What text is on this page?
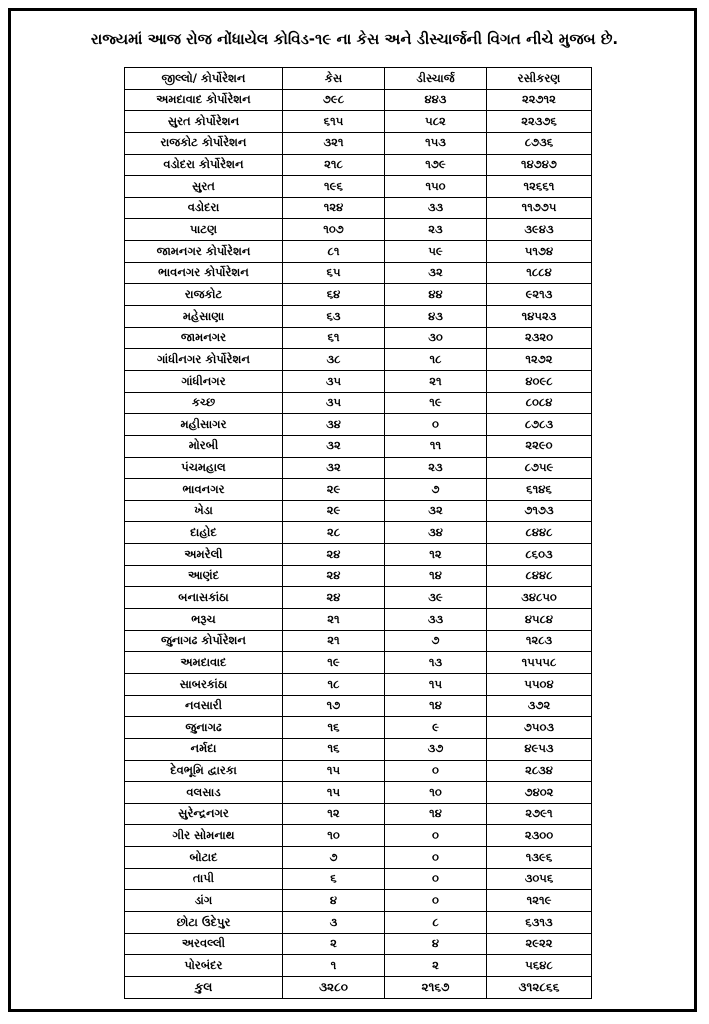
રાજ્યમાં આજ રોજ નોંધાયેલ કોવિડ-૧૯ ના કેસ અને ડીસ્ચાર્જની વિગત નીચે મુજબ છે.
જીલ્લો/ કોર્પોરેશન	કેસ	ડીસ્ચાર્જ	રસીકરણ
અમદાવાદ કોર્પોરેશન	૭૯૮	૪૪૩	૨૨૭૧૨
સુરત કોર્પોરેશન	૬૧૫	૫૮૨	૨૨૩૭૬
રાજકોટ કોર્પોરેશન	૩૨૧	૧૫૩	૮૭૩૬
વડોદરા કોર્પોરેશન	૨૧૮	૧૭૯	૧૪૭૪૭
સુરત	૧૯૬	૧૫૦	૧૨૬૬૧
વડોદરા	૧૨૪	૩૩	૧૧૭૭૫
પાટણ	૧૦૭	૨૩	૩૯૪૩
જામનગર કોર્પોરેશન	૮૧	૫૯	૫૧૭૪
ભાવનગર કોર્પોરેશન	૬૫	૩૨	૧૮૮૪
રાજકોટ	૬૪	૪૪	૯૨૧૩
મહેસાણા	૬૩	૪૩	૧૪૫૨૩
જામનગર	૬૧	૩૦	૨૩૨૦
ગાંધીનગર કોર્પોરેશન	૩૮	૧૮	૧૨૭૨
ગાંધીનગર	૩૫	૨૧	૪૦૯૮
કચ્છ	૩૫	૧૯	૮૦૮૪
મહીસાગર	૩૪	૦	૮૭૮૩
મોરબી	૩૨	૧૧	૨૨૯૦
પંચમહાલ	૩૨	૨૩	૮૭૫૯
ભાવનગર	૨૯	૭	૬૧૪૬
ખેડા	૨૯	૩૨	૭૧૭૩
દાહોદ	૨૮	૩૪	૮૪૪૮
અમરેલી	૨૪	૧૨	૮૬૦૩
આણંદ	૨૪	૧૪	૮૪૪૮
બનાસકાંઠા	૨૪	૩૯	૩૪૮૫૦
ભરૂચ	૨૧	૩૩	૪૫૮૪
જુનાગઢ કોર્પોરેશન	૨૧	૭	૧૨૮૩
અમદાવાદ	૧૯	૧૩	૧૫૫૫૮
સાબરકાંઠા	૧૮	૧૫	૫૫૦૪
નવસારી	૧૭	૧૪	૩૭૨
જુનાગઢ	૧૬	૯	૭૫૦૩
નર્મદા	૧૬	૩૭	૪૯૫૩
દેવભૂમિ દ્વારકા	૧૫	૦	૨૮૩૪
વલસાડ	૧૫	૧૦	૭૪૦૨
સુરેન્દ્રનગર	૧૨	૧૪	૨૭૯૧
ગીર સોમનાથ	૧૦	૦	૨૩૦૦
બોટાદ	૭	૦	૧૩૯૬
તાપી	૬	૦	૩૦૫૬
ડાંગ	૪	૦	૧૨૧૯
છોટા ઉદેપુર	૩	૮	૬૩૧૩
અરવલ્લી	૨	૪	૨૯૨૨
પોરબંદર	૧	૨	૫૬૪૮
કુલ	૩૨૮૦	૨૧૬૭	૩૧૨૮૬૬
